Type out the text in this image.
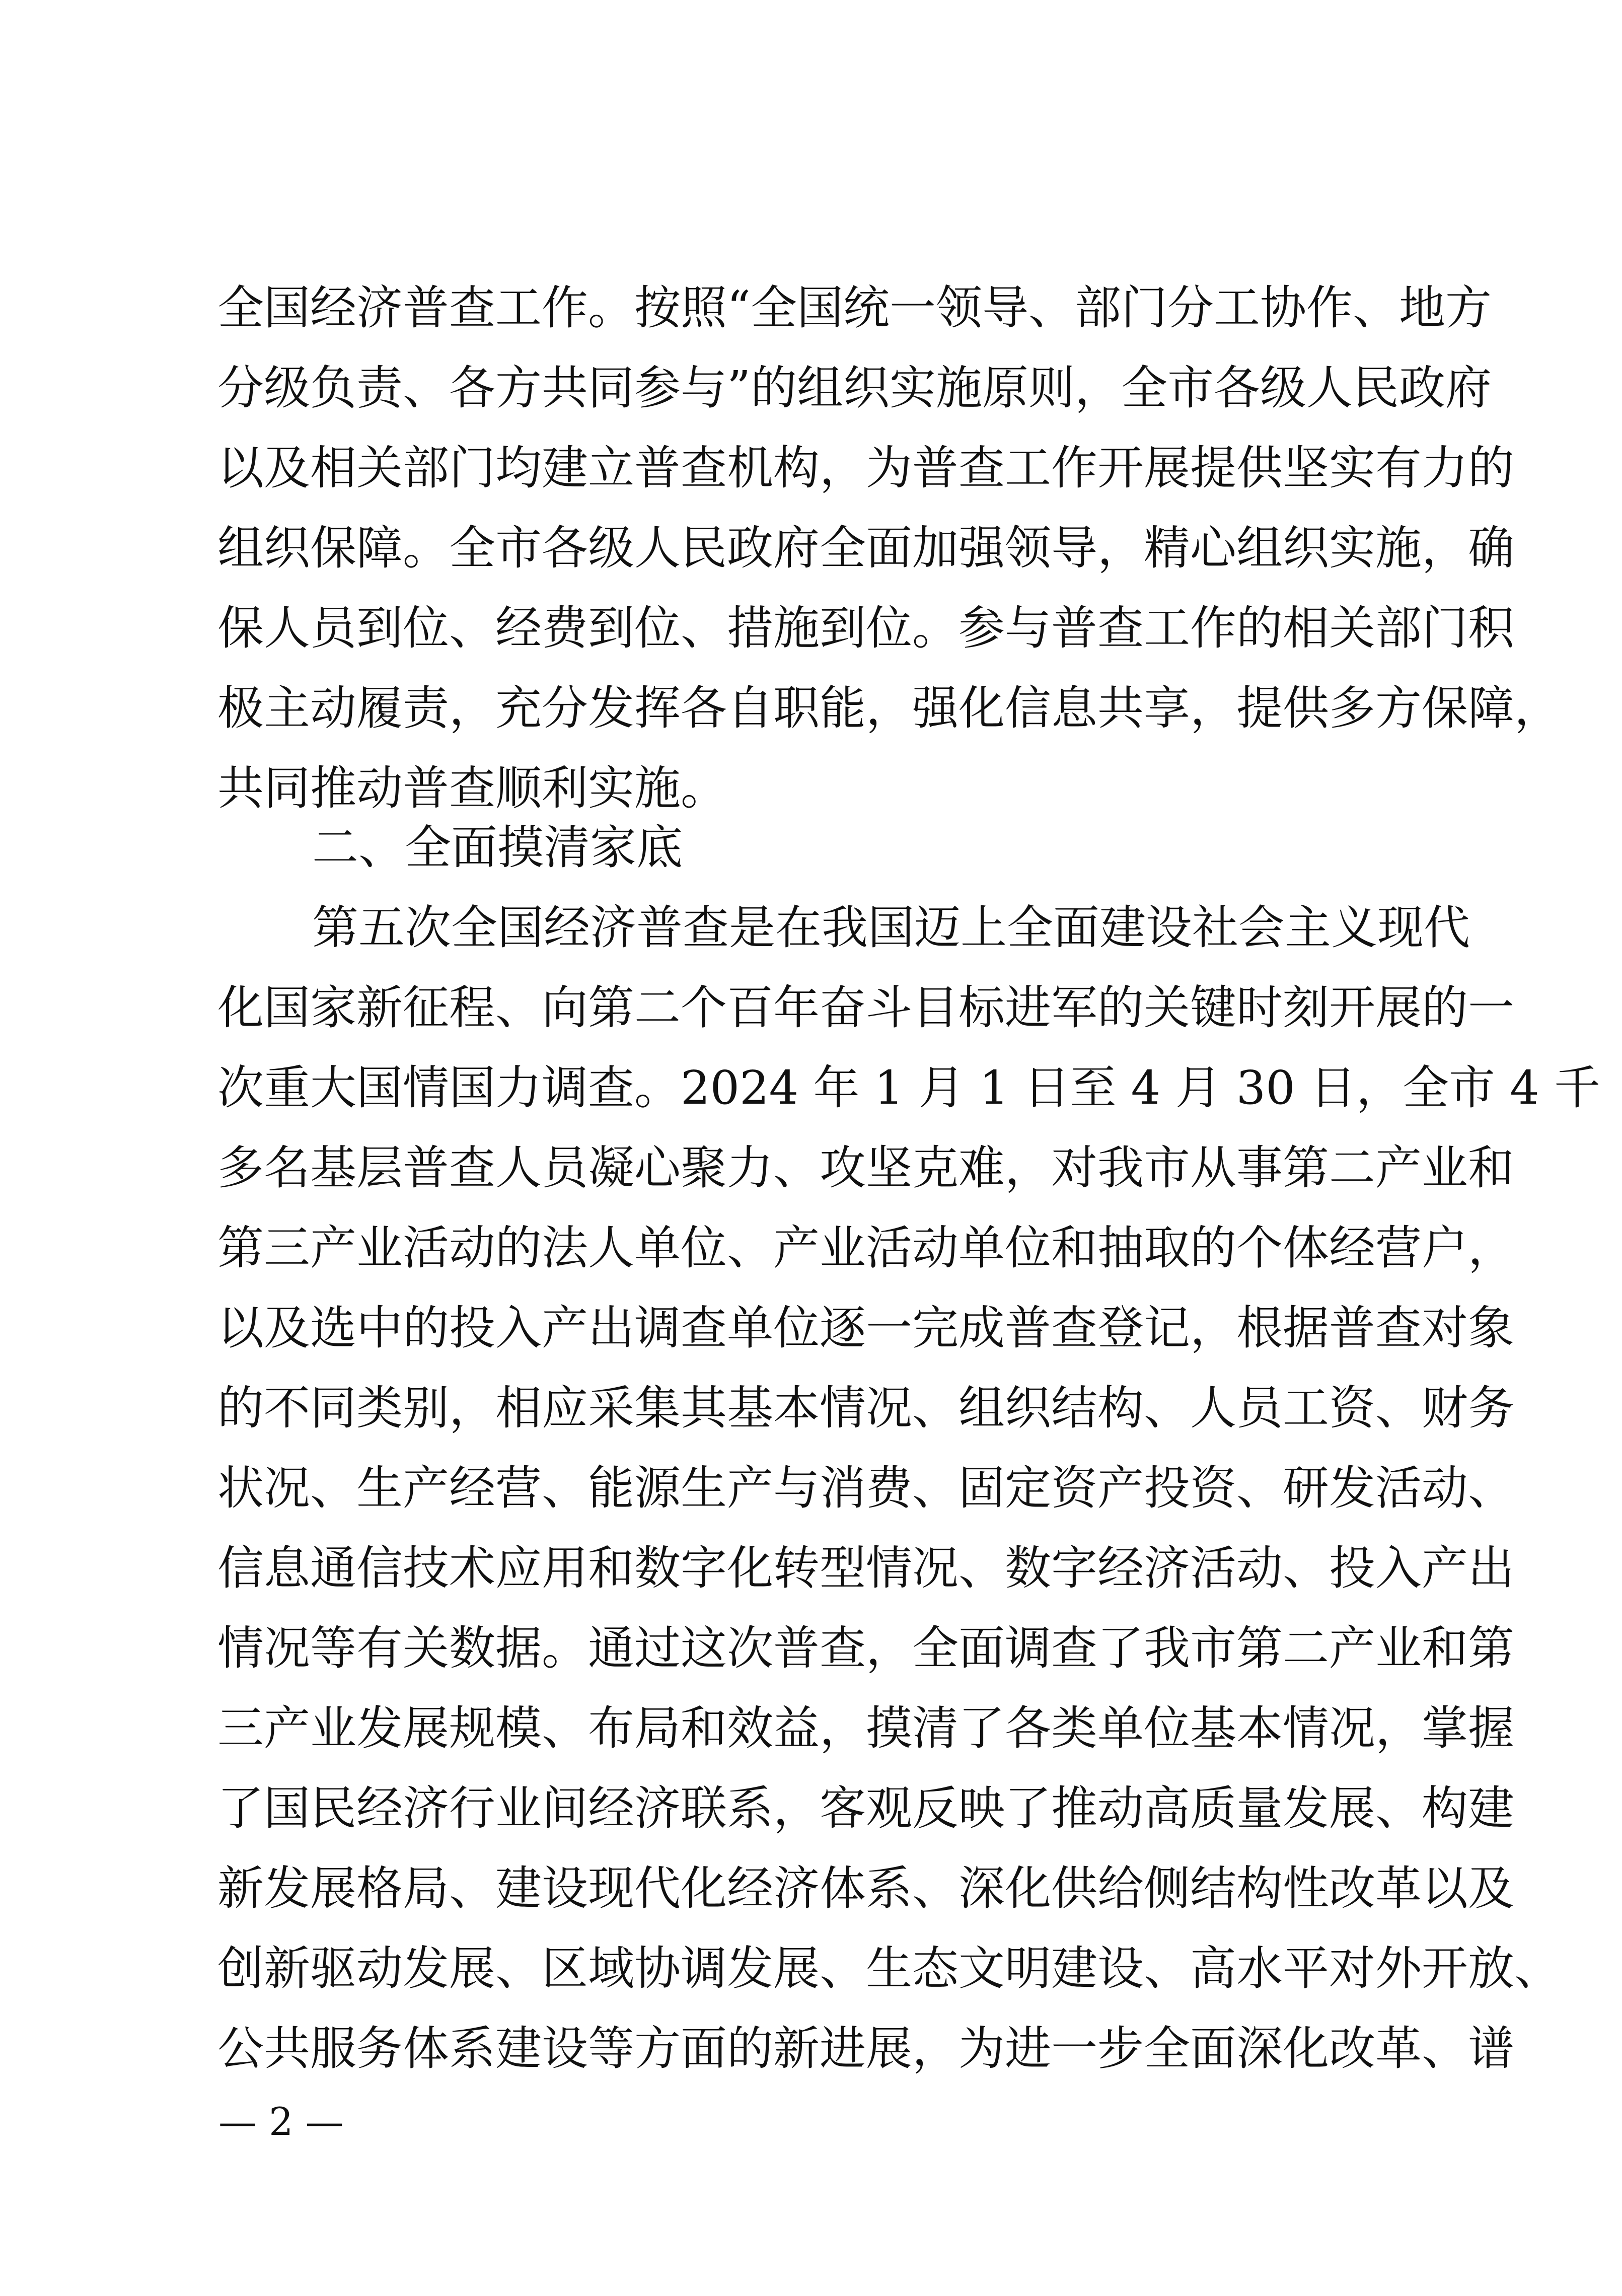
全国经济普查工作。按照“全国统一领导、部门分工协作、地方
分级负责、各方共同参与”的组织实施原则，全市各级人民政府
以及相关部门均建立普查机构，为普查工作开展提供坚实有力的
组织保障。全市各级人民政府全面加强领导，精心组织实施，确
保人员到位、经费到位、措施到位。参与普查工作的相关部门积
极主动履责，充分发挥各自职能，强化信息共享，提供多方保障，
共同推动普查顺利实施。
二、全面摸清家底
第五次全国经济普查是在我国迈上全面建设社会主义现代
化国家新征程、向第二个百年奋斗目标进军的关键时刻开展的一
次重大国情国力调查。2024 年 1 月 1 日至 4 月 30 日，全市 4 千
多名基层普查人员凝心聚力、攻坚克难，对我市从事第二产业和
第三产业活动的法人单位、产业活动单位和抽取的个体经营户，
以及选中的投入产出调查单位逐一完成普查登记，根据普查对象
的不同类别，相应采集其基本情况、组织结构、人员工资、财务
状况、生产经营、能源生产与消费、固定资产投资、研发活动、
信息通信技术应用和数字化转型情况、数字经济活动、投入产出
情况等有关数据。通过这次普查，全面调查了我市第二产业和第
三产业发展规模、布局和效益，摸清了各类单位基本情况，掌握
了国民经济行业间经济联系，客观反映了推动高质量发展、构建
新发展格局、建设现代化经济体系、深化供给侧结构性改革以及
创新驱动发展、区域协调发展、生态文明建设、高水平对外开放、
公共服务体系建设等方面的新进展，为进一步全面深化改革、谱
— 2 —
